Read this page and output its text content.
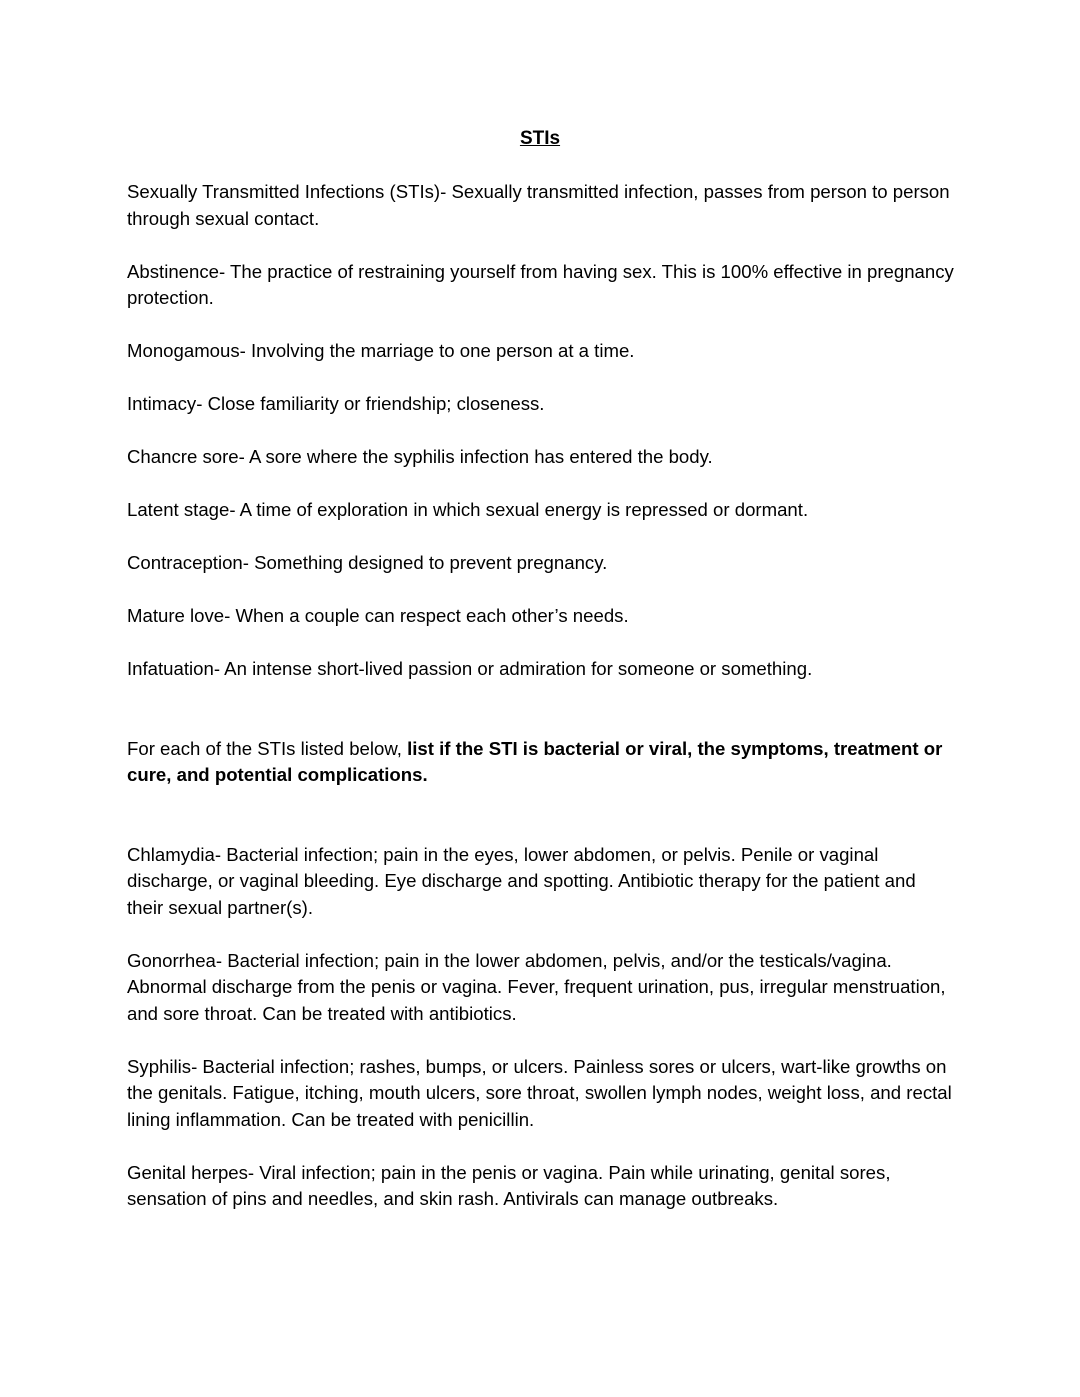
STIs

Sexually Transmitted Infections (STIs)- Sexually transmitted infection, passes from person to person through sexual contact.

Abstinence- The practice of restraining yourself from having sex. This is 100% effective in pregnancy protection.

Monogamous- Involving the marriage to one person at a time.

Intimacy- Close familiarity or friendship; closeness.

Chancre sore- A sore where the syphilis infection has entered the body.

Latent stage- A time of exploration in which sexual energy is repressed or dormant.

Contraception- Something designed to prevent pregnancy.

Mature love- When a couple can respect each other’s needs.

Infatuation- An intense short-lived passion or admiration for someone or something.

For each of the STIs listed below, list if the STI is bacterial or viral, the symptoms, treatment or cure, and potential complications.

Chlamydia- Bacterial infection; pain in the eyes, lower abdomen, or pelvis. Penile or vaginal discharge, or vaginal bleeding. Eye discharge and spotting. Antibiotic therapy for the patient and their sexual partner(s).

Gonorrhea- Bacterial infection; pain in the lower abdomen, pelvis, and/or the testicals/vagina. Abnormal discharge from the penis or vagina. Fever, frequent urination, pus, irregular menstruation, and sore throat. Can be treated with antibiotics.

Syphilis- Bacterial infection; rashes, bumps, or ulcers. Painless sores or ulcers, wart-like growths on the genitals. Fatigue, itching, mouth ulcers, sore throat, swollen lymph nodes, weight loss, and rectal lining inflammation. Can be treated with penicillin.

Genital herpes- Viral infection; pain in the penis or vagina. Pain while urinating, genital sores, sensation of pins and needles, and skin rash. Antivirals can manage outbreaks.
